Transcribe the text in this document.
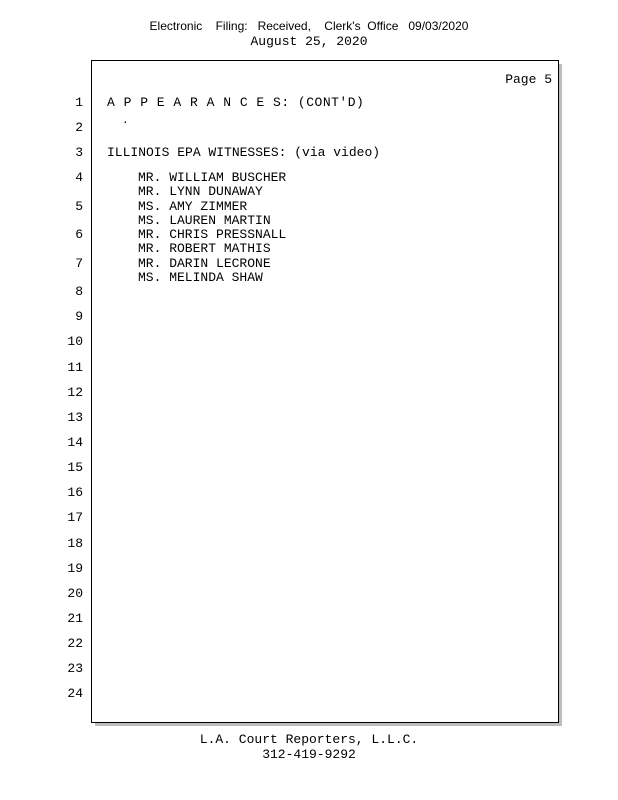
Electronic    Filing:   Received,    Clerk's  Office   09/03/2020
August 25, 2020
Page 5
1
2
3
4
5
6
7
8
9
10
11
12
13
14
15
16
17
18
19
20
21
22
23
24
A P P E A R A N C E S: (CONT'D)
.
ILLINOIS EPA WITNESSES: (via video)
MR. WILLIAM BUSCHER
MR. LYNN DUNAWAY
MS. AMY ZIMMER
MS. LAUREN MARTIN
MR. CHRIS PRESSNALL
MR. ROBERT MATHIS
MR. DARIN LECRONE
MS. MELINDA SHAW
L.A. Court Reporters, L.L.C.
312-419-9292
